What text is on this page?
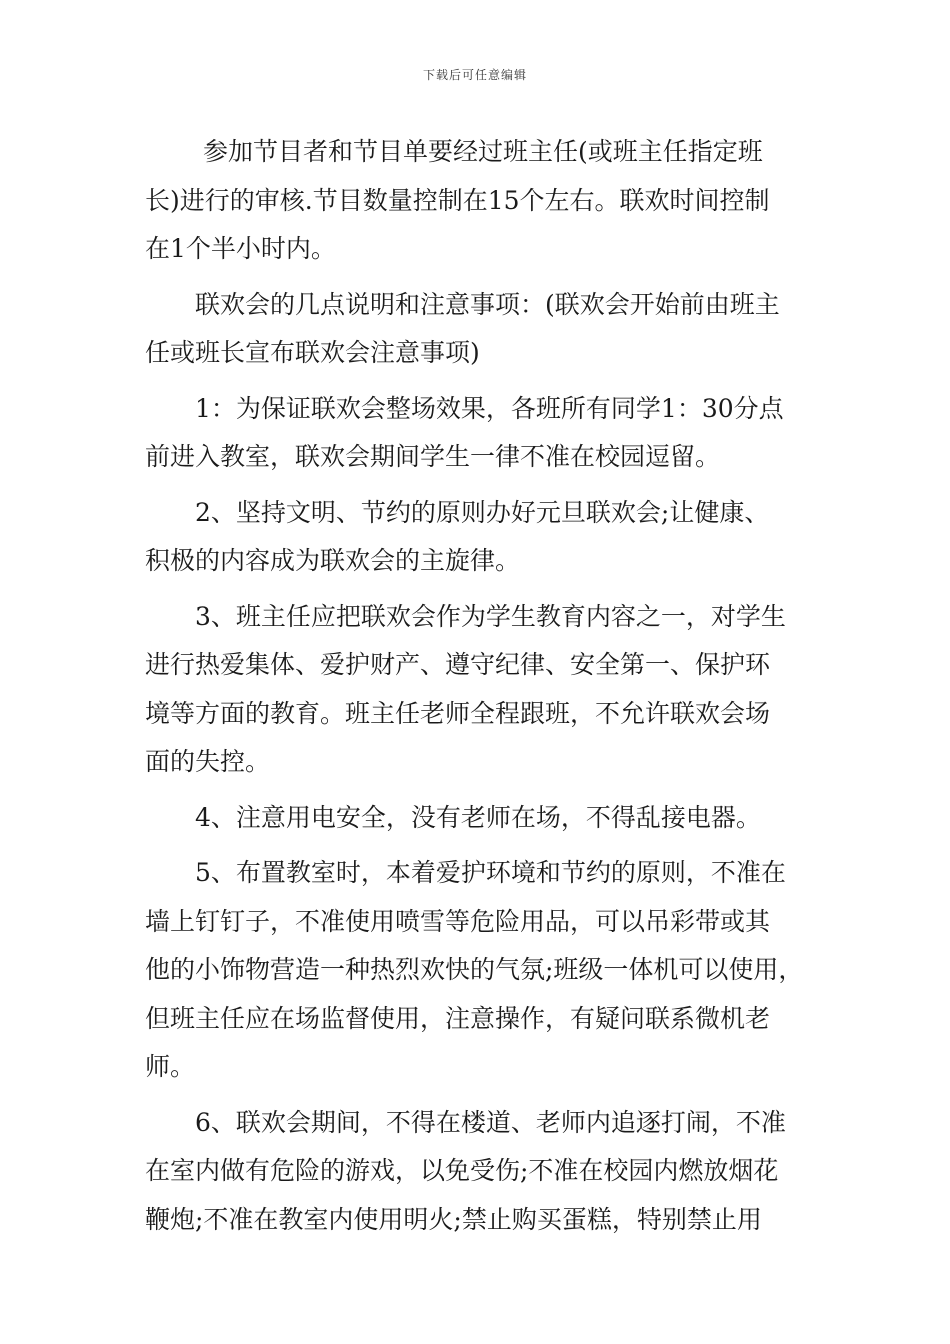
下载后可任意编辑

参加节目者和节目单要经过班主任(或班主任指定班
长)进行的审核.节目数量控制在15个左右。联欢时间控制
在1个半小时内。

联欢会的几点说明和注意事项：(联欢会开始前由班主
任或班长宣布联欢会注意事项)

1：为保证联欢会整场效果，各班所有同学1：30分点
前进入教室，联欢会期间学生一律不准在校园逗留。

2、坚持文明、节约的原则办好元旦联欢会;让健康、
积极的内容成为联欢会的主旋律。

3、班主任应把联欢会作为学生教育内容之一，对学生
进行热爱集体、爱护财产、遵守纪律、安全第一、保护环
境等方面的教育。班主任老师全程跟班，不允许联欢会场
面的失控。

4、注意用电安全，没有老师在场，不得乱接电器。

5、布置教室时，本着爱护环境和节约的原则，不准在
墙上钉钉子，不准使用喷雪等危险用品，可以吊彩带或其
他的小饰物营造一种热烈欢快的气氛;班级一体机可以使用，
但班主任应在场监督使用，注意操作，有疑问联系微机老
师。

6、联欢会期间，不得在楼道、老师内追逐打闹，不准
在室内做有危险的游戏，以免受伤;不准在校园内燃放烟花
鞭炮;不准在教室内使用明火;禁止购买蛋糕，特别禁止用
